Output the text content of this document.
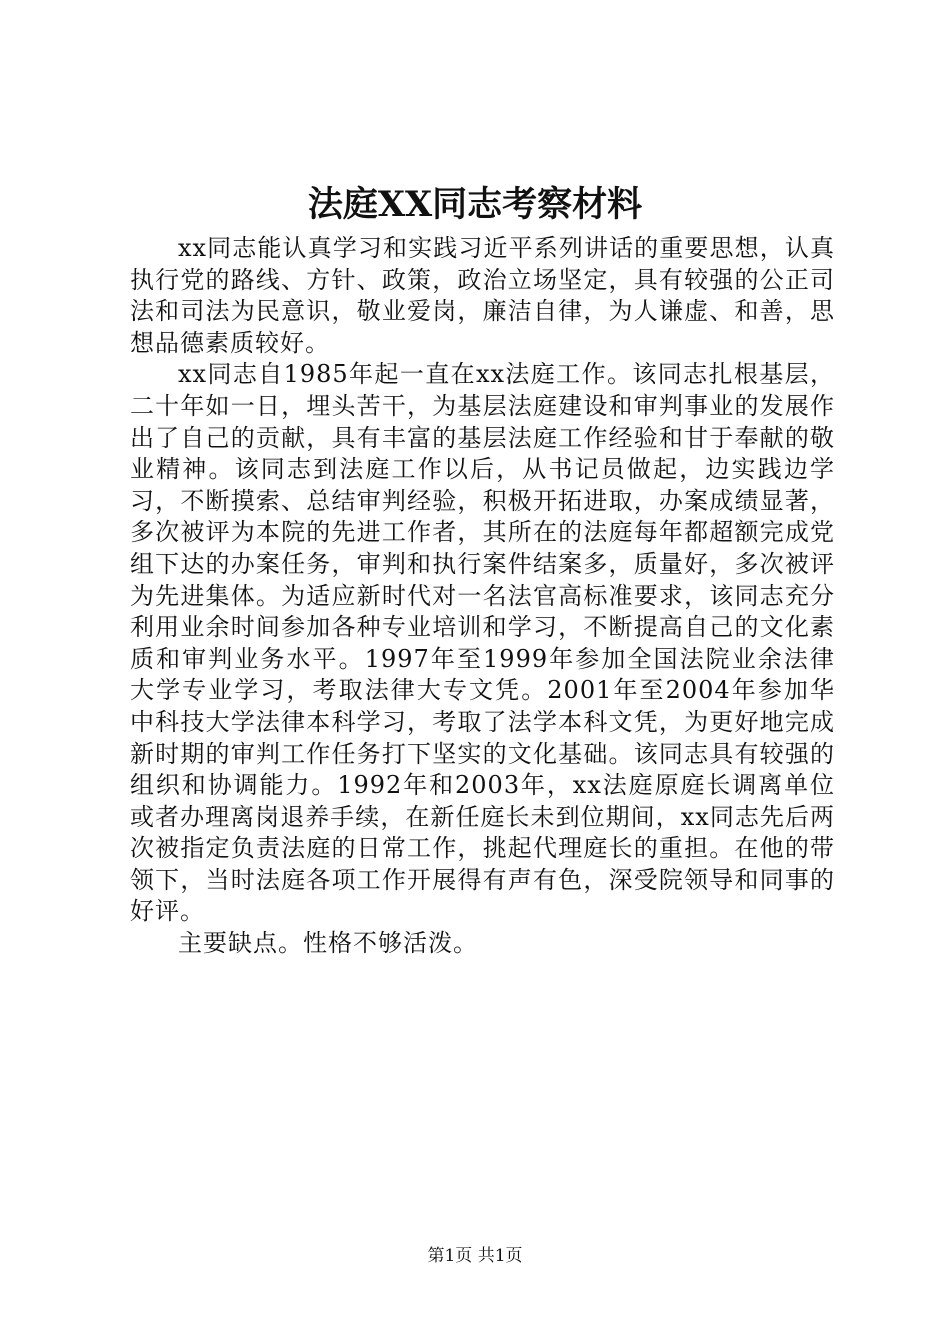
法庭XX同志考察材料

xx同志能认真学习和实践习近平系列讲话的重要思想，认真执行党的路线、方针、政策，政治立场坚定，具有较强的公正司法和司法为民意识，敬业爱岗，廉洁自律，为人谦虚、和善，思想品德素质较好。

xx同志自1985年起一直在xx法庭工作。该同志扎根基层，二十年如一日，埋头苦干，为基层法庭建设和审判事业的发展作出了自己的贡献，具有丰富的基层法庭工作经验和甘于奉献的敬业精神。该同志到法庭工作以后，从书记员做起，边实践边学习，不断摸索、总结审判经验，积极开拓进取，办案成绩显著，多次被评为本院的先进工作者，其所在的法庭每年都超额完成党组下达的办案任务，审判和执行案件结案多，质量好，多次被评为先进集体。为适应新时代对一名法官高标准要求，该同志充分利用业余时间参加各种专业培训和学习，不断提高自己的文化素质和审判业务水平。1997年至1999年参加全国法院业余法律大学专业学习，考取法律大专文凭。2001年至2004年参加华中科技大学法律本科学习，考取了法学本科文凭，为更好地完成新时期的审判工作任务打下坚实的文化基础。该同志具有较强的组织和协调能力。1992年和2003年，xx法庭原庭长调离单位或者办理离岗退养手续，在新任庭长未到位期间，xx同志先后两次被指定负责法庭的日常工作，挑起代理庭长的重担。在他的带领下，当时法庭各项工作开展得有声有色，深受院领导和同事的好评。

主要缺点。性格不够活泼。

第1页 共1页
